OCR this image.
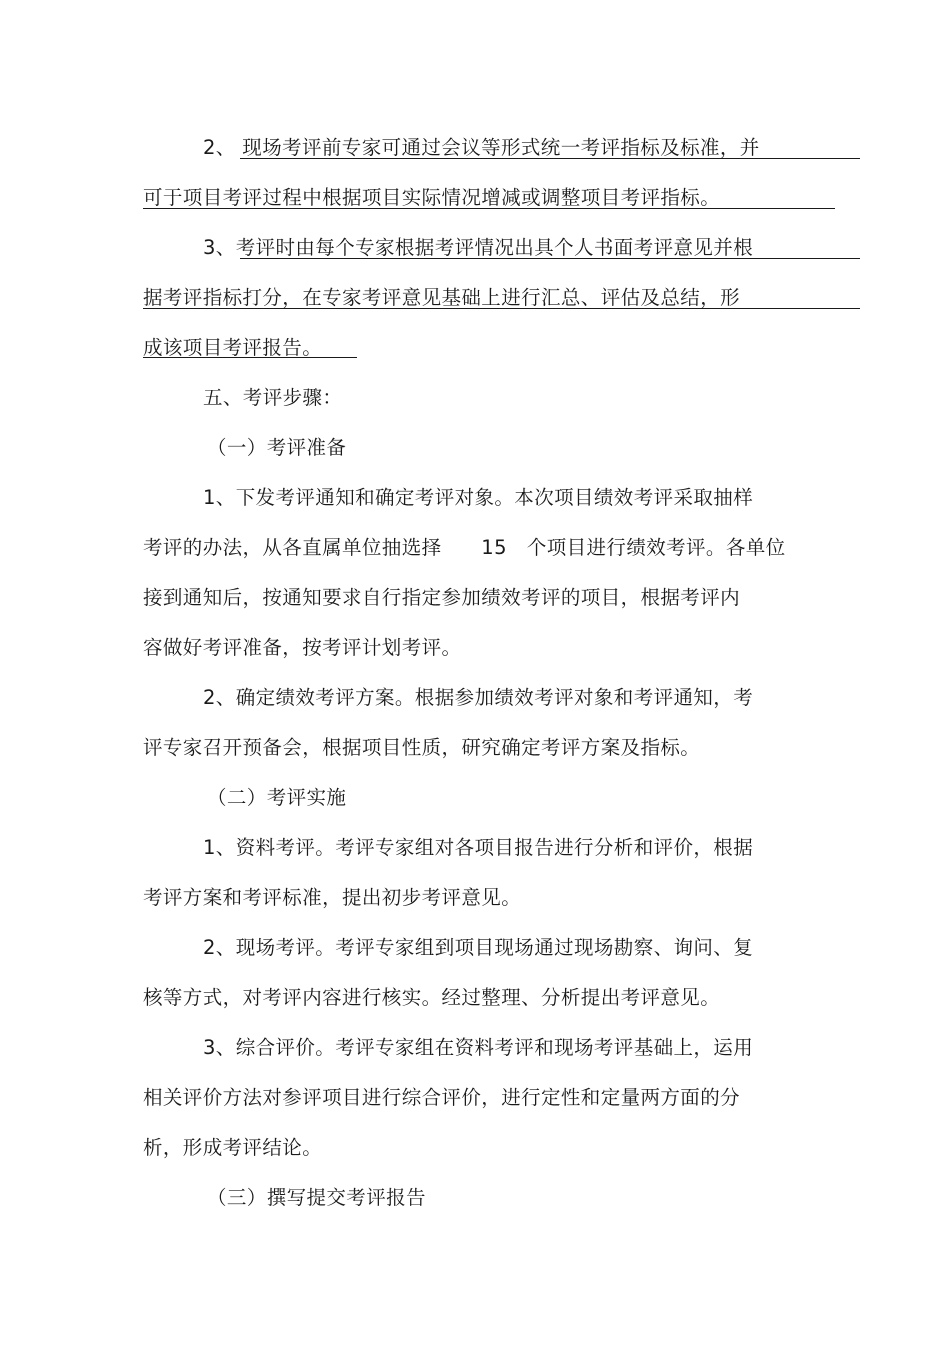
2、 现场考评前专家可通过会议等形式统一考评指标及标准，并
可于项目考评过程中根据项目实际情况增减或调整项目考评指标。
3、考评时由每个专家根据考评情况出具个人书面考评意见并根
据考评指标打分，在专家考评意见基础上进行汇总、评估及总结，形
成该项目考评报告。
五、考评步骤：
（一）考评准备
1、下发考评通知和确定考评对象。本次项目绩效考评采取抽样
考评的办法，从各直属单位抽选择　　15　个项目进行绩效考评。各单位
接到通知后，按通知要求自行指定参加绩效考评的项目，根据考评内
容做好考评准备，按考评计划考评。
2、确定绩效考评方案。根据参加绩效考评对象和考评通知，考
评专家召开预备会，根据项目性质，研究确定考评方案及指标。
（二）考评实施
1、资料考评。考评专家组对各项目报告进行分析和评价，根据
考评方案和考评标准，提出初步考评意见。
2、现场考评。考评专家组到项目现场通过现场勘察、询问、复
核等方式，对考评内容进行核实。经过整理、分析提出考评意见。
3、综合评价。考评专家组在资料考评和现场考评基础上，运用
相关评价方法对参评项目进行综合评价，进行定性和定量两方面的分
析，形成考评结论。
（三）撰写提交考评报告
